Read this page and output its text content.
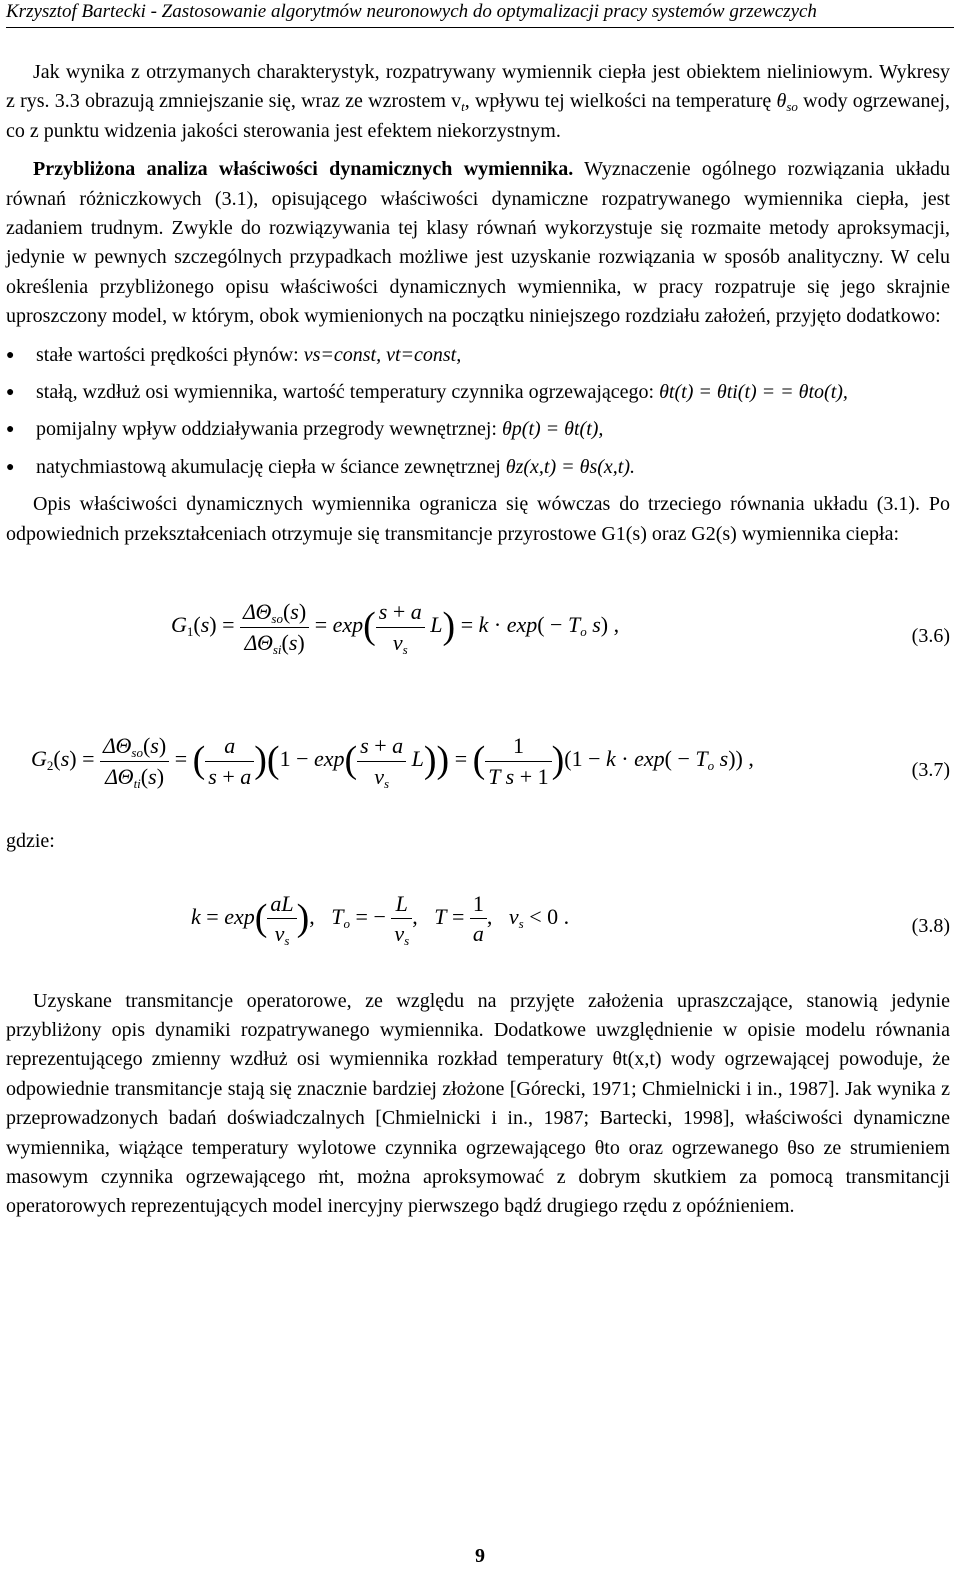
Krzysztof Bartecki - Zastosowanie algorytmów neuronowych do optymalizacji pracy systemów grzewczych

Jak wynika z otrzymanych charakterystyk, rozpatrywany wymiennik ciepła jest obiektem nieliniowym. Wykresy z rys. 3.3 obrazują zmniejszanie się, wraz ze wzrostem $v_t$, wpływu tej wielkości na temperaturę $\theta_{so}$ wody ogrzewanej, co z punktu widzenia jakości sterowania jest efektem niekorzystnym.

Przybliżona analiza właściwości dynamicznych wymiennika. Wyznaczenie ogólnego rozwiązania układu równań różniczkowych (3.1), opisującego właściwości dynamiczne rozpatrywanego wymiennika ciepła, jest zadaniem trudnym. Zwykle do rozwiązywania tej klasy równań wykorzystuje się rozmaite metody aproksymacji, jedynie w pewnych szczególnych przypadkach możliwe jest uzyskanie rozwiązania w sposób analityczny. W celu określenia przybliżonego opisu właściwości dynamicznych wymiennika, w pracy rozpatruje się jego skrajnie uproszczony model, w którym, obok wymienionych na początku niniejszego rozdziału założeń, przyjęto dodatkowo:

● stałe wartości prędkości płynów: vs=const, vt=const,
● stałą, wzdłuż osi wymiennika, wartość temperatury czynnika ogrzewającego: θt(t) = θti(t) = = θto(t),
● pomijalny wpływ oddziaływania przegrody wewnętrznej: θp(t) = θt(t),
● natychmiastową akumulację ciepła w ściance zewnętrznej θz(x,t) = θs(x,t).

Opis właściwości dynamicznych wymiennika ogranicza się wówczas do trzeciego równania układu (3.1). Po odpowiednich przekształceniach otrzymuje się transmitancje przyrostowe G1(s) oraz G2(s) wymiennika ciepła:

$G_1(s) = \frac{\text{ΔΘso(s)}}{\text{ΔΘsi(s)}} = \exp( \frac{s + a}{vs} L) = k \cdot \exp( - To$ s) ,	(3.6)
$G_2(s) = \frac{\text{ΔΘso(s)}}{\text{ΔΘti(s)}}$ = ( $\frac{a}{s + a} )(1 - \exp( \frac{s + a}{vs} L))$ = ( $\frac{1}{\text{T s + 1}} )(1 - k \cdot \exp( - To$ s)) ,	(3.7)

gdzie:

$k = \exp( \frac{aL}{vs}$ ),   To = − $\frac{L}{vs}$ ,   $T = \frac{1}{a}$ ,   vs < 0 .	(3.8)

Uzyskane transmitancje operatorowe, ze względu na przyjęte założenia upraszczające, stanowią jedynie przybliżony opis dynamiki rozpatrywanego wymiennika. Dodatkowe uwzględnienie w opisie modelu równania reprezentującego zmienny wzdłuż osi wymiennika rozkład temperatury θt(x,t) wody ogrzewającej powoduje, że odpowiednie transmitancje stają się znacznie bardziej złożone [Górecki, 1971; Chmielnicki i in., 1987]. Jak wynika z przeprowadzonych badań doświadczalnych [Chmielnicki i in., 1987; Bartecki, 1998], właściwości dynamiczne wymiennika, wiążące temperatury wylotowe czynnika ogrzewającego θto oraz ogrzewanego θso ze strumieniem masowym czynnika ogrzewającego ṁt, można aproksymować z dobrym skutkiem za pomocą transmitancji operatorowych reprezentujących model inercyjny pierwszego bądź drugiego rzędu z opóźnieniem.

9
